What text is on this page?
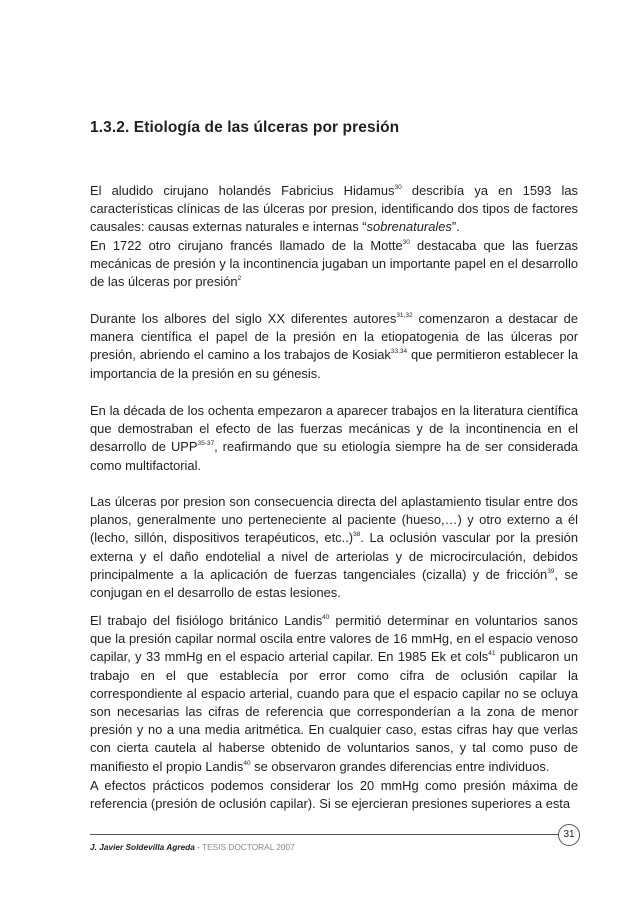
1.3.2. Etiología de las úlceras por presión

El aludido cirujano holandés Fabricius Hidamus$^{30}$ describía ya en 1593 las características clínicas de las úlceras por presion, identificando dos tipos de factores causales: causas externas naturales e internas “sobrenaturales”.

En 1722 otro cirujano francés llamado de la Motte$^{30}$ destacaba que las fuerzas mecánicas de presión y la incontinencia jugaban un importante papel en el desarrollo de las úlceras por presión$^2$

Durante los albores del siglo XX diferentes autores$^{31,32}$ comenzaron a destacar de manera científica el papel de la presión en la etiopatogenia de las úlceras por presión, abriendo el camino a los trabajos de Kosiak$^{33,34}$ que permitieron establecer la importancia de la presión en su génesis.

En la década de los ochenta empezaron a aparecer trabajos en la literatura científica que demostraban el efecto de las fuerzas mecánicas y de la incontinencia en el desarrollo de UPP$^{35-37}$, reafirmando que su etiología siempre ha de ser considerada como multifactorial.

Las úlceras por presion son consecuencia directa del aplastamiento tisular entre dos planos, generalmente uno perteneciente al paciente (hueso,…) y otro externo a él (lecho, sillón, dispositivos terapéuticos, etc..)$^{38}$. La oclusión vascular por la presión externa y el daño endotelial a nivel de arteriolas y de microcirculación, debidos principalmente a la aplicación de fuerzas tangenciales (cizalla) y de fricción$^{39}$, se conjugan en el desarrollo de estas lesiones.

El trabajo del fisiólogo británico Landis$^{40}$ permitió determinar en voluntarios sanos que la presión capilar normal oscila entre valores de 16 mmHg, en el espacio venoso capilar, y 33 mmHg en el espacio arterial capilar. En 1985 Ek et cols$^{41}$ publicaron un trabajo en el que establecía por error como cifra de oclusión capilar la correspondiente al espacio arterial, cuando para que el espacio capilar no se ocluya son necesarias las cifras de referencia que corresponderían a la zona de menor presión y no a una media aritmética. En cualquier caso, estas cifras hay que verlas con cierta cautela al haberse obtenido de voluntarios sanos, y tal como puso de manifiesto el propio Landis$^{40}$ se observaron grandes diferencias entre individuos.

A efectos prácticos podemos considerar los 20 mmHg como presión máxima de referencia (presión de oclusión capilar). Si se ejercieran presiones superiores a esta

31
J. Javier Soldevilla Agreda - TESIS DOCTORAL 2007
